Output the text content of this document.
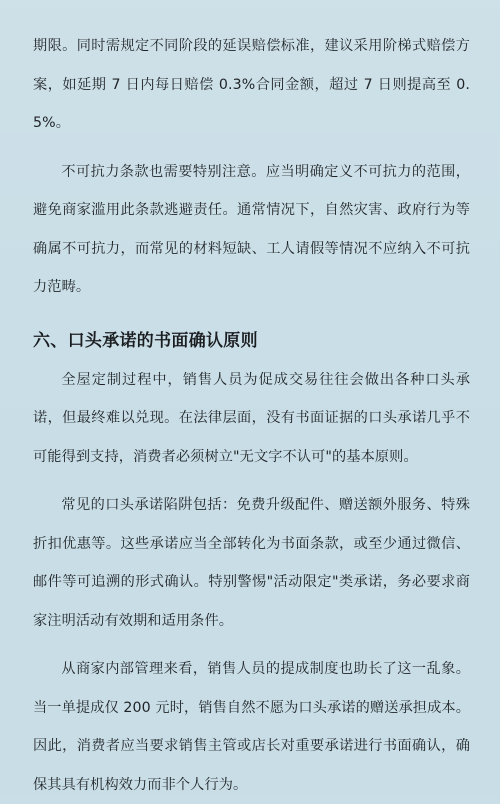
期限。同时需规定不同阶段的延误赔偿标准，建议采用阶梯式赔偿方案，如延期 7 日内每日赔偿 0.3%合同金额，超过 7 日则提高至 0.5%。

不可抗力条款也需要特别注意。应当明确定义不可抗力的范围，避免商家滥用此条款逃避责任。通常情况下，自然灾害、政府行为等确属不可抗力，而常见的材料短缺、工人请假等情况不应纳入不可抗力范畴。

六、口头承诺的书面确认原则

全屋定制过程中，销售人员为促成交易往往会做出各种口头承诺，但最终难以兑现。在法律层面，没有书面证据的口头承诺几乎不可能得到支持，消费者必须树立"无文字不认可"的基本原则。

常见的口头承诺陷阱包括：免费升级配件、赠送额外服务、特殊折扣优惠等。这些承诺应当全部转化为书面条款，或至少通过微信、邮件等可追溯的形式确认。特别警惕"活动限定"类承诺，务必要求商家注明活动有效期和适用条件。

从商家内部管理来看，销售人员的提成制度也助长了这一乱象。当一单提成仅 200 元时，销售自然不愿为口头承诺的赠送承担成本。因此，消费者应当要求销售主管或店长对重要承诺进行书面确认，确保其具有机构效力而非个人行为。
